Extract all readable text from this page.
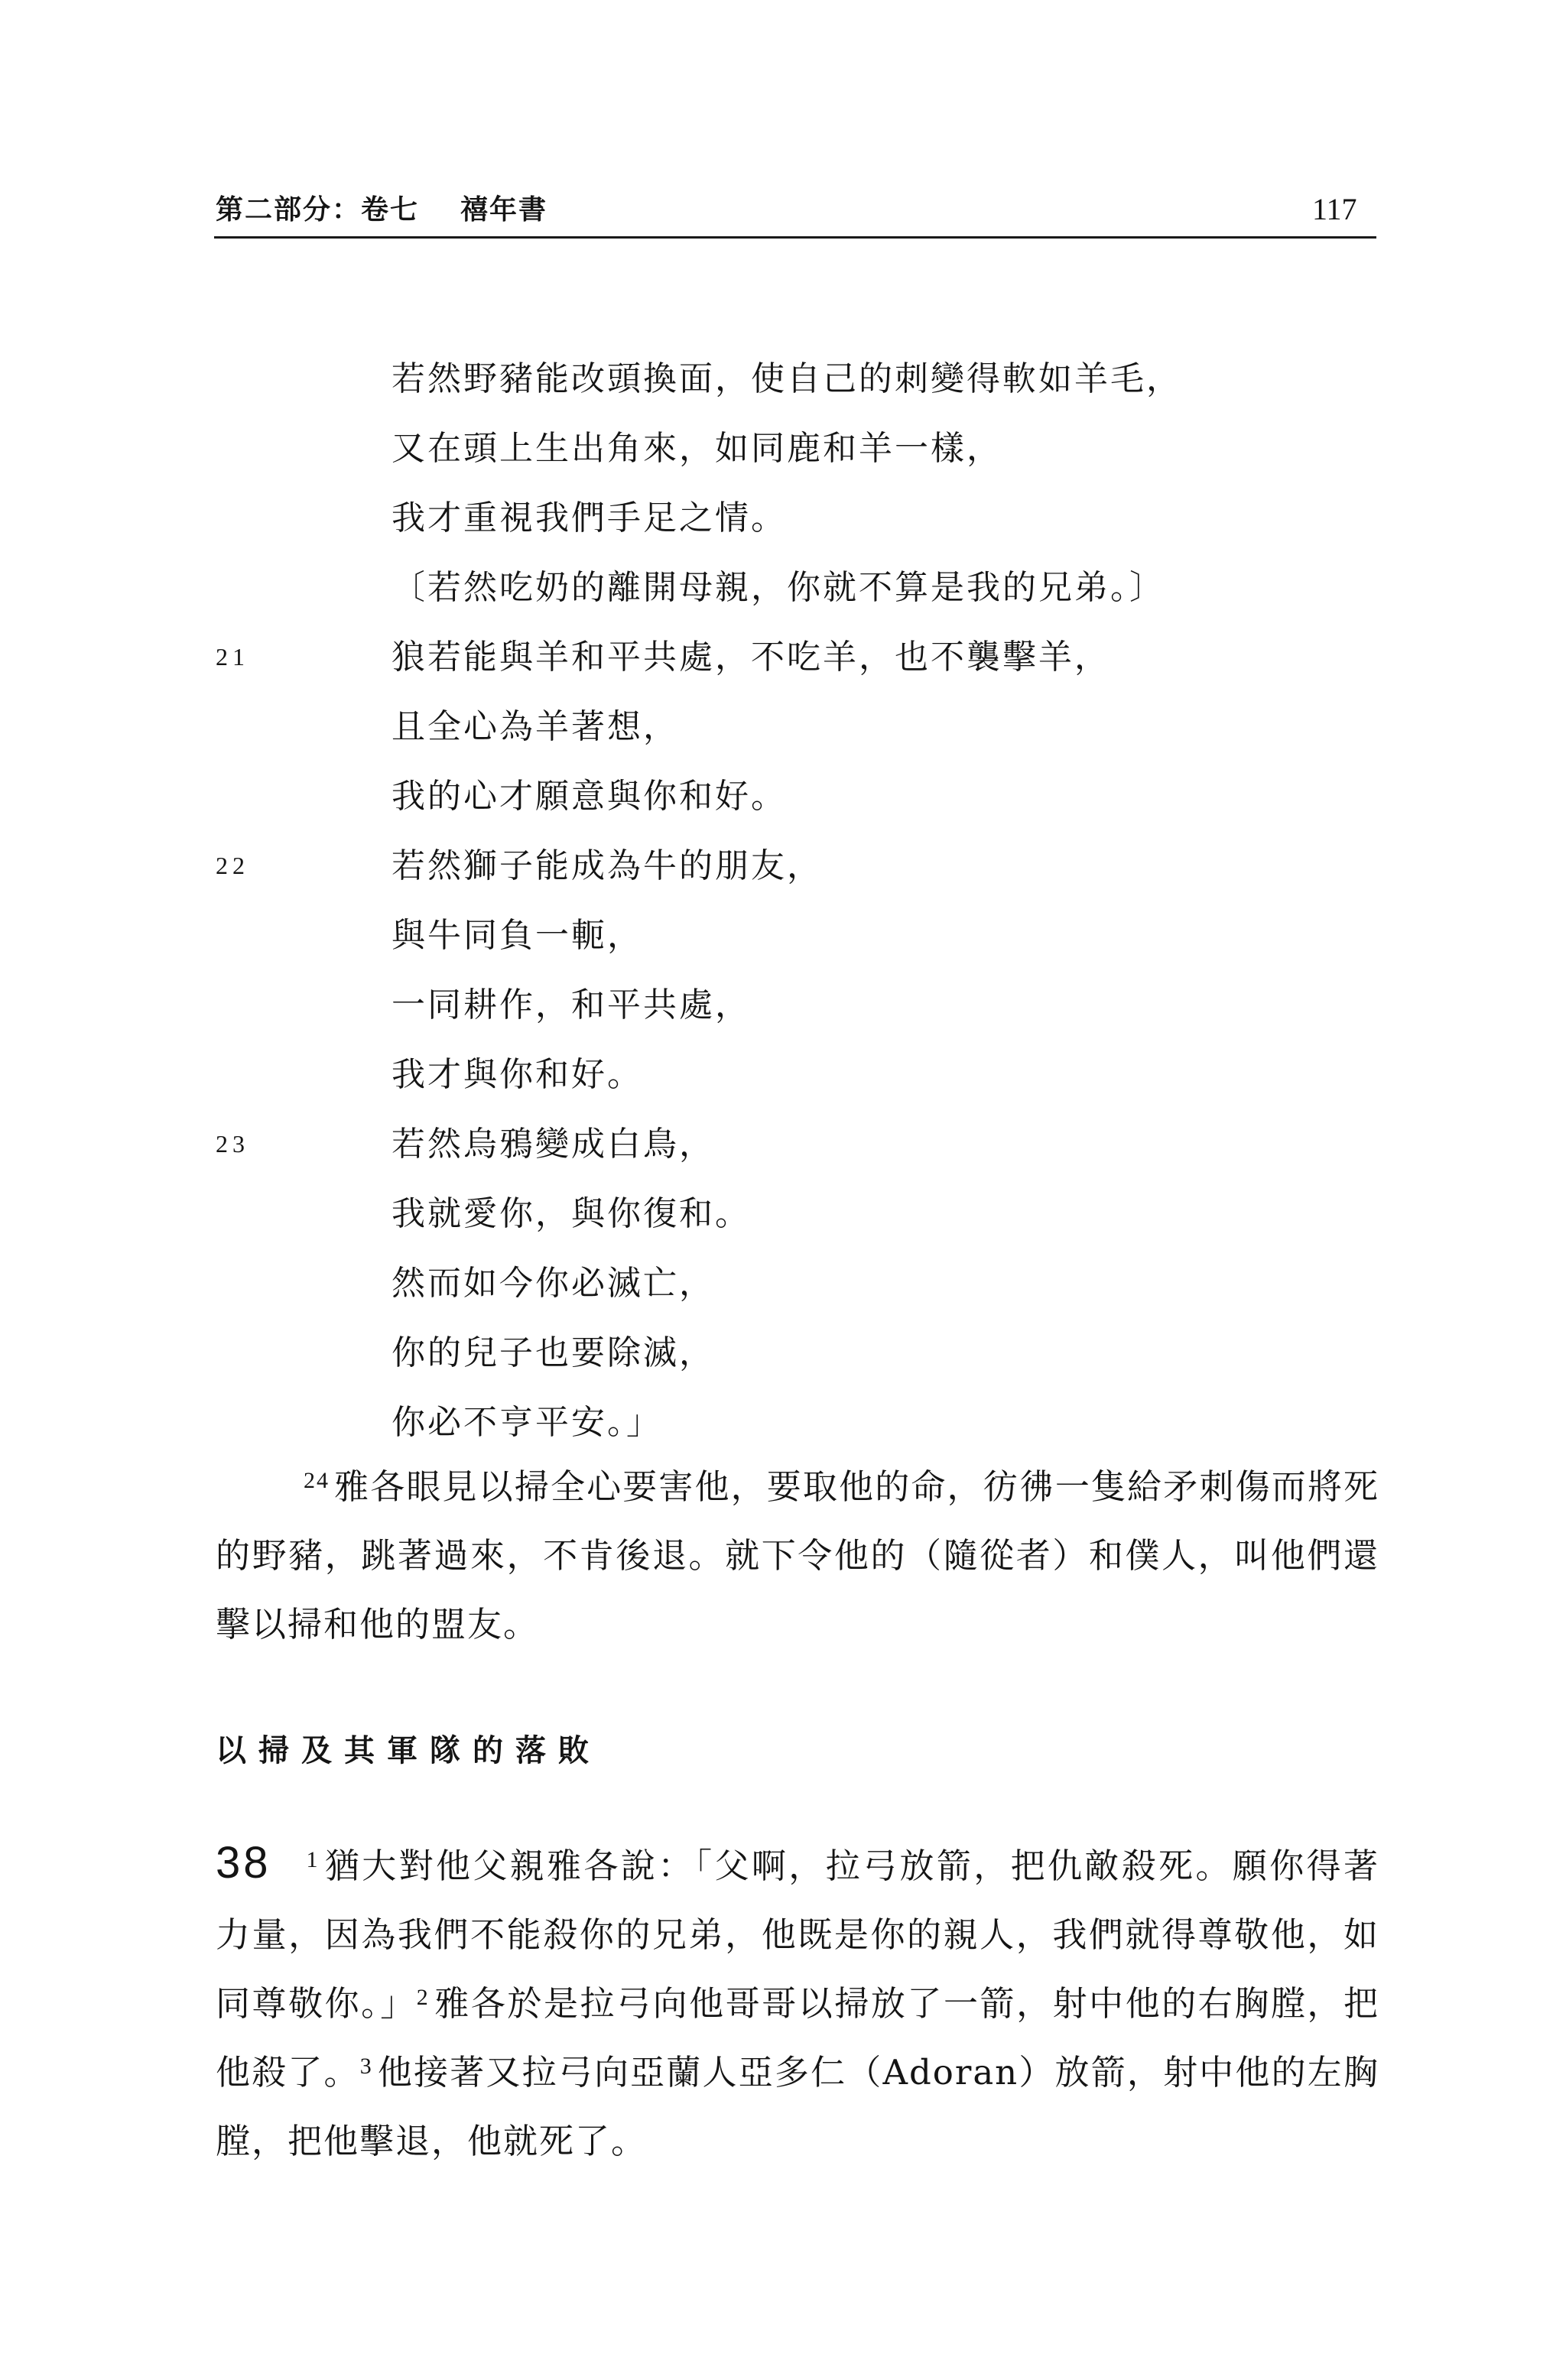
第二部分：卷七 禧年書	117
若然野豬能改頭換面，使自己的刺變得軟如羊毛，
又在頭上生出角來，如同鹿和羊一樣，
我才重視我們手足之情。
〔若然吃奶的離開母親，你就不算是我的兄弟。〕
21	狼若能與羊和平共處，不吃羊，也不襲擊羊，
且全心為羊著想，
我的心才願意與你和好。
22	若然獅子能成為牛的朋友，
與牛同負一軛，
一同耕作，和平共處，
我才與你和好。
23	若然烏鴉變成白鳥，
我就愛你，與你復和。
然而如今你必滅亡，
你的兒子也要除滅，
你必不亨平安。」

$^{24}$ 雅各眼見以掃全心要害他，要取他的命，彷彿一隻給矛刺傷而將死的野豬，跳著過來，不肯後退。就下令他的（隨從者）和僕人，叫他們還擊以掃和他的盟友。

以掃及其軍隊的落敗

38 $^1$ 猶大對他父親雅各說：「父啊，拉弓放箭，把仇敵殺死。願你得著力量，因為我們不能殺你的兄弟，他既是你的親人，我們就得尊敬他，如同尊敬你。」$^2$ 雅各於是拉弓向他哥哥以掃放了一箭，射中他的右胸膛，把他殺了。$^3$ 他接著又拉弓向亞蘭人亞多仁（Adoran）放箭，射中他的左胸膛，把他擊退，他就死了。
